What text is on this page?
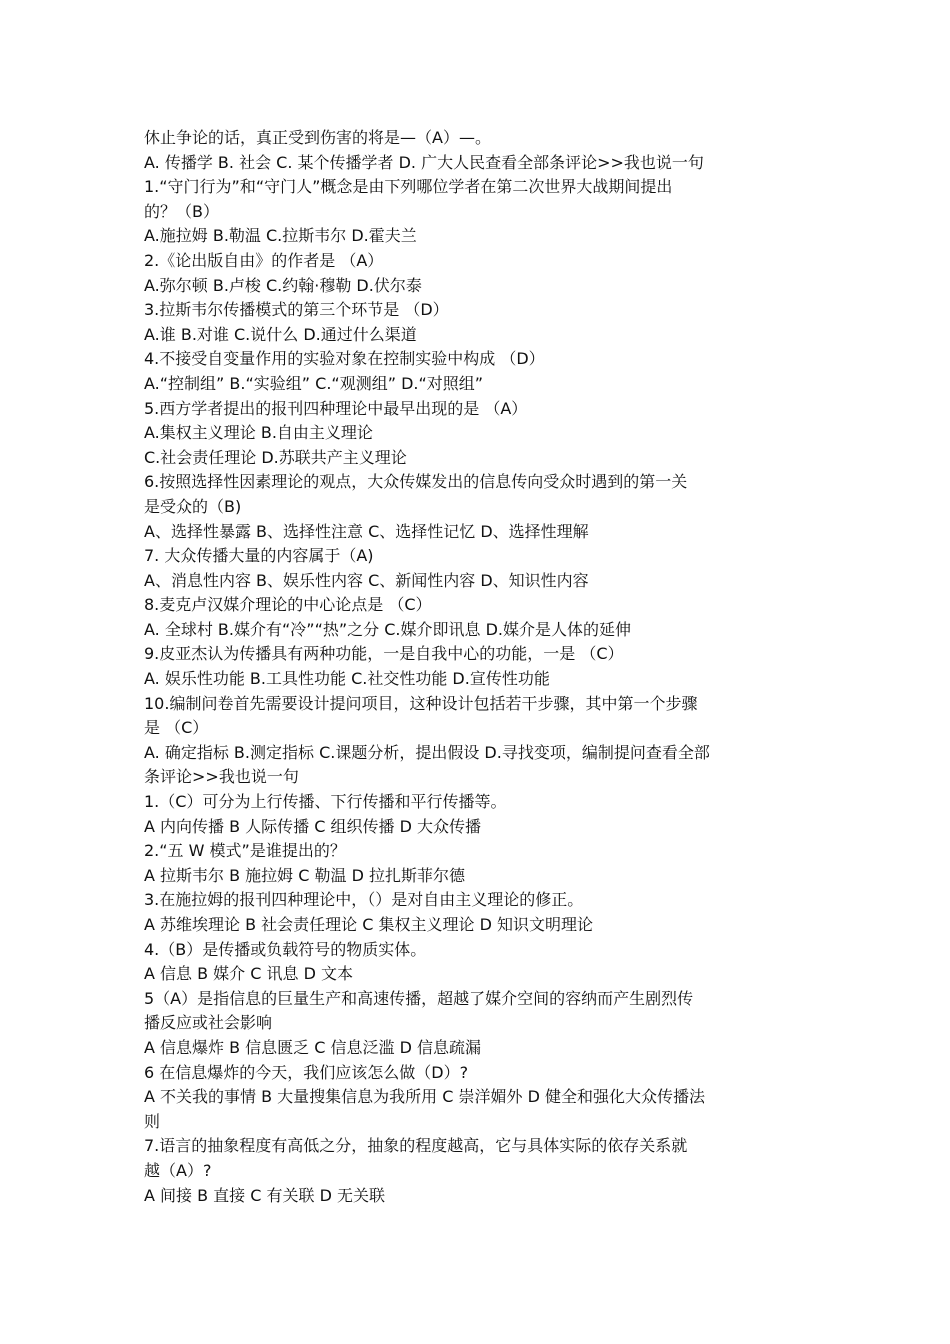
休止争论的话，真正受到伤害的将是—（A）—。
A. 传播学 B. 社会 C. 某个传播学者 D. 广大人民查看全部条评论>>我也说一句
1.“守门行为”和“守门人”概念是由下列哪位学者在第二次世界大战期间提出
的？（B）
A.施拉姆 B.勒温 C.拉斯韦尔 D.霍夫兰
2.《论出版自由》的作者是 （A）
A.弥尔顿 B.卢梭 C.约翰·穆勒 D.伏尔泰
3.拉斯韦尔传播模式的第三个环节是 （D）
A.谁 B.对谁 C.说什么 D.通过什么渠道
4.不接受自变量作用的实验对象在控制实验中构成 （D）
A.“控制组” B.“实验组” C.“观测组” D.“对照组”
5.西方学者提出的报刊四种理论中最早出现的是 （A）
A.集权主义理论 B.自由主义理论
C.社会责任理论 D.苏联共产主义理论
6.按照选择性因素理论的观点，大众传媒发出的信息传向受众时遇到的第一关
是受众的（B)
A、选择性暴露 B、选择性注意 C、选择性记忆 D、选择性理解
7. 大众传播大量的内容属于（A)
A、消息性内容 B、娱乐性内容 C、新闻性内容 D、知识性内容
8.麦克卢汉媒介理论的中心论点是 （C）
A. 全球村 B.媒介有“冷”“热”之分 C.媒介即讯息 D.媒介是人体的延伸
9.皮亚杰认为传播具有两种功能，一是自我中心的功能，一是 （C）
A. 娱乐性功能 B.工具性功能 C.社交性功能 D.宣传性功能
10.编制问卷首先需要设计提问项目，这种设计包括若干步骤，其中第一个步骤
是 （C）
A. 确定指标 B.测定指标 C.课题分析，提出假设 D.寻找变项，编制提问查看全部
条评论>>我也说一句
1.（C）可分为上行传播、下行传播和平行传播等。
A 内向传播 B 人际传播 C 组织传播 D 大众传播
2.“五 W 模式”是谁提出的？
A 拉斯韦尔 B 施拉姆 C 勒温 D 拉扎斯菲尔德
3.在施拉姆的报刊四种理论中，（）是对自由主义理论的修正。
A 苏维埃理论 B 社会责任理论 C 集权主义理论 D 知识文明理论
4.（B）是传播或负载符号的物质实体。
A 信息 B 媒介 C 讯息 D 文本
5（A）是指信息的巨量生产和高速传播，超越了媒介空间的容纳而产生剧烈传
播反应或社会影响
A 信息爆炸 B 信息匮乏 C 信息泛滥 D 信息疏漏
6 在信息爆炸的今天，我们应该怎么做（D）?
A 不关我的事情 B 大量搜集信息为我所用 C 崇洋媚外 D 健全和强化大众传播法
则
7.语言的抽象程度有高低之分，抽象的程度越高，它与具体实际的依存关系就
越（A）?
A 间接 B 直接 C 有关联 D 无关联
